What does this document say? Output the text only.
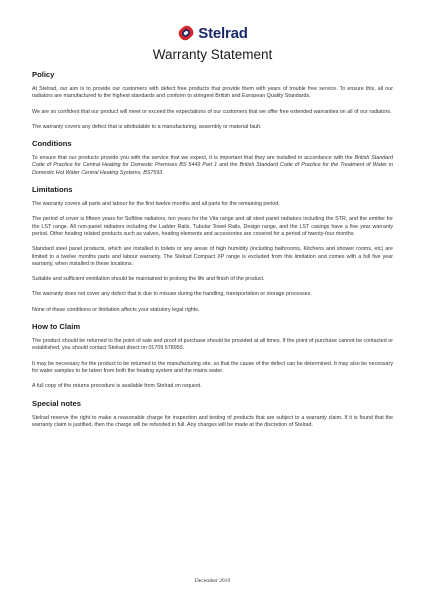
Stelrad
Warranty Statement
Policy

At Stelrad, our aim is to provide our customers with defect free products that provide them with years of trouble free service. To ensure this, all our radiators are manufactured to the highest standards and conform to stringent British and European Quality Standards.

We are so confident that our product will meet or exceed the expectations of our customers that we offer free extended warranties on all of our radiators.

The warranty covers any defect that is attributable to a manufacturing, assembly or material fault.

Conditions

To ensure that our products provide you with the service that we expect, it is important that they are installed in accordance with the British Standard Code of Practice for Central Heating for Domestic Premises BS 5449 Part 1 and the British Standard Code of Practice for the Treatment of Water in Domestic Hot Water Central Heating Systems, BS7593.

Limitations

The warranty covers all parts and labour for the first twelve months and all parts for the remaining period.

The period of cover is fifteen years for Softline radiators, ten years for the Vita range and all steel panel radiators including the STR, and the emitter for the LST range. All non-panel radiators including the Ladder Rails, Tubular Towel Rails, Design range, and the LST casings have a five year warranty period. Other heating related products such as valves, heating elements and accessories are covered for a period of twenty-four months.

Standard steel panel products, which are installed in toilets or any areas of high humidity (including bathrooms, Kitchens and shower rooms, etc) are limited to a twelve months parts and labour warranty. The Stelrad Compact XP range is excluded from this limitation and comes with a full five year warranty, when installed in these locations.

Suitable and sufficient ventilation should be maintained to prolong the life and finish of the product.

The warranty does not cover any defect that is due to misuse during the handling, transportation or storage processes.

None of these conditions or limitation affects your statutory legal rights.

How to Claim

The product should be returned to the point of sale and proof of purchase should be provided at all times. If the point of purchase cannot be contacted or established, you should contact Stelrad direct on 01709 578950.

It may be necessary for the product to be returned to the manufacturing site, so that the cause of the defect can be determined. It may also be necessary for water samples to be taken from both the heating system and the mains water.

A full copy of the returns procedure is available from Stelrad on request.

Special notes

Stelrad reserve the right to make a reasonable charge for inspection and testing of products that are subject to a warranty claim. If it is found that the warranty claim is justified, then the charge will be refunded in full. Any charges will be made at the discretion of Stelrad.

December 2019
